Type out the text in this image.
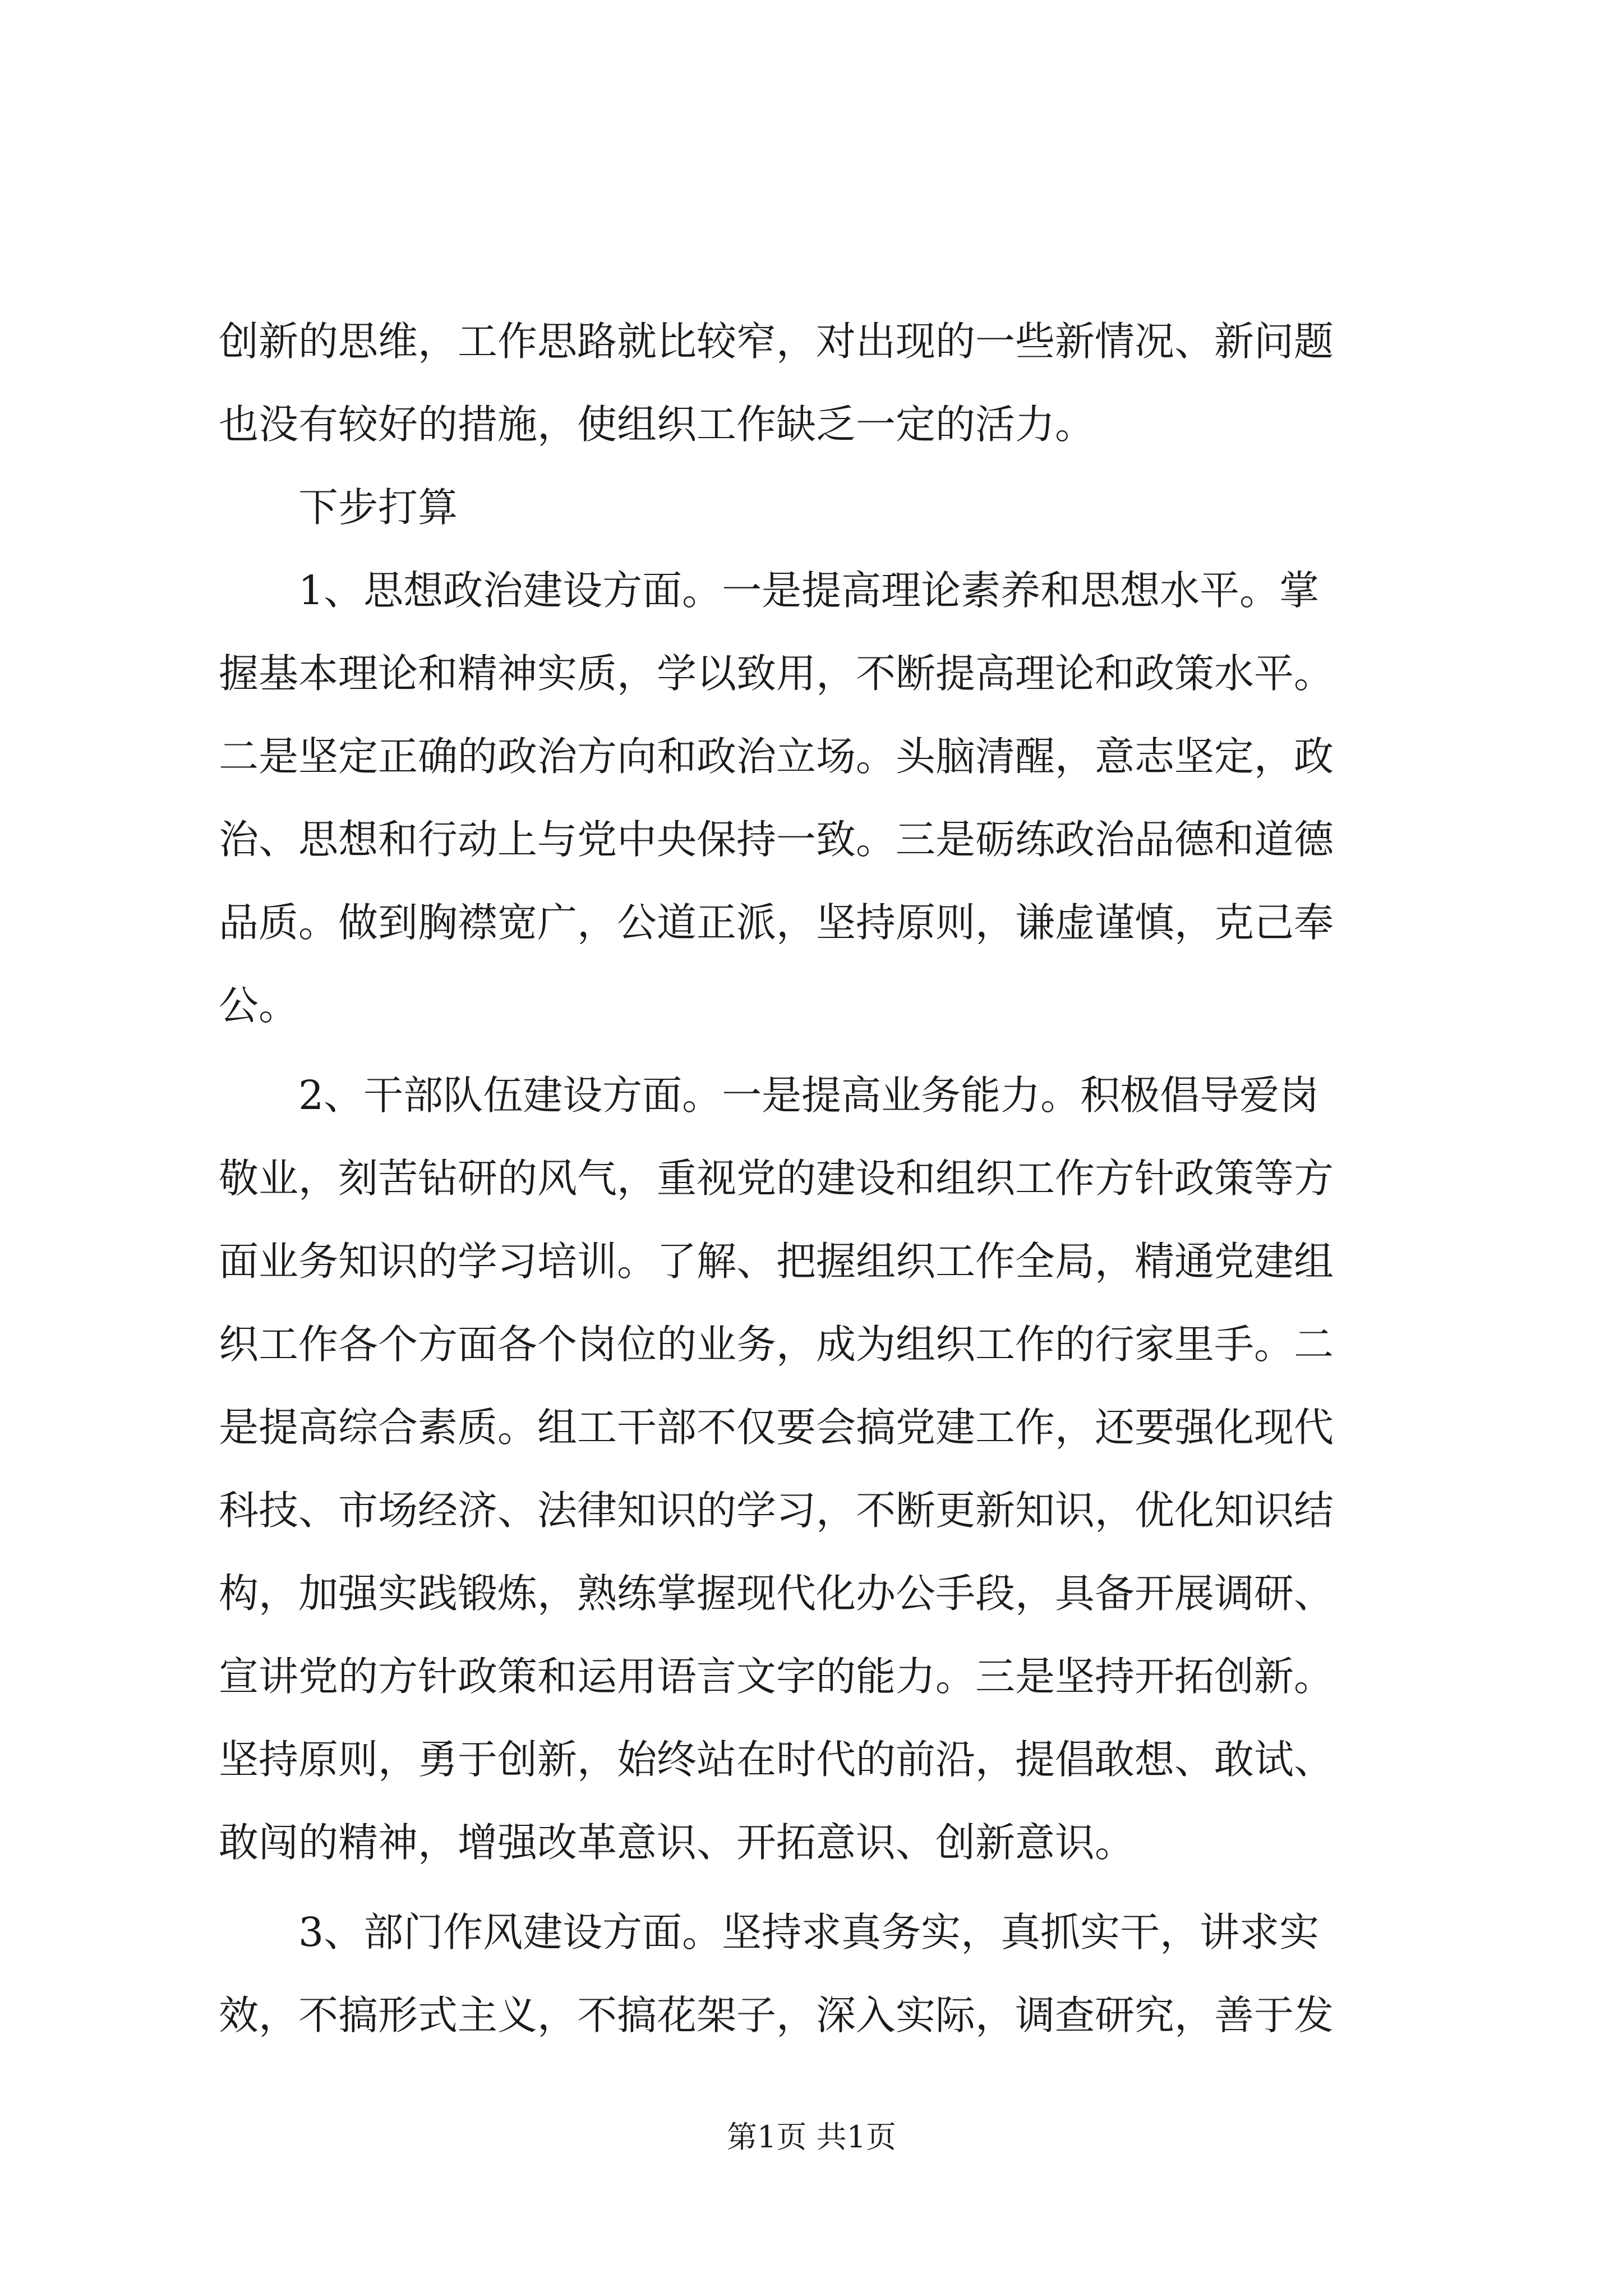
创新的思维，工作思路就比较窄，对出现的一些新情况、新问题
也没有较好的措施，使组织工作缺乏一定的活力。
下步打算
1、思想政治建设方面。一是提高理论素养和思想水平。掌
握基本理论和精神实质，学以致用，不断提高理论和政策水平。
二是坚定正确的政治方向和政治立场。头脑清醒，意志坚定，政
治、思想和行动上与党中央保持一致。三是砺练政治品德和道德
品质。做到胸襟宽广，公道正派，坚持原则，谦虚谨慎，克己奉
公。
2、干部队伍建设方面。一是提高业务能力。积极倡导爱岗
敬业，刻苦钻研的风气，重视党的建设和组织工作方针政策等方
面业务知识的学习培训。了解、把握组织工作全局，精通党建组
织工作各个方面各个岗位的业务，成为组织工作的行家里手。二
是提高综合素质。组工干部不仅要会搞党建工作，还要强化现代
科技、市场经济、法律知识的学习，不断更新知识，优化知识结
构，加强实践锻炼，熟练掌握现代化办公手段，具备开展调研、
宣讲党的方针政策和运用语言文字的能力。三是坚持开拓创新。
坚持原则，勇于创新，始终站在时代的前沿，提倡敢想、敢试、
敢闯的精神，增强改革意识、开拓意识、创新意识。
3、部门作风建设方面。坚持求真务实，真抓实干，讲求实
效，不搞形式主义，不搞花架子，深入实际，调查研究，善于发
第1页 共1页
